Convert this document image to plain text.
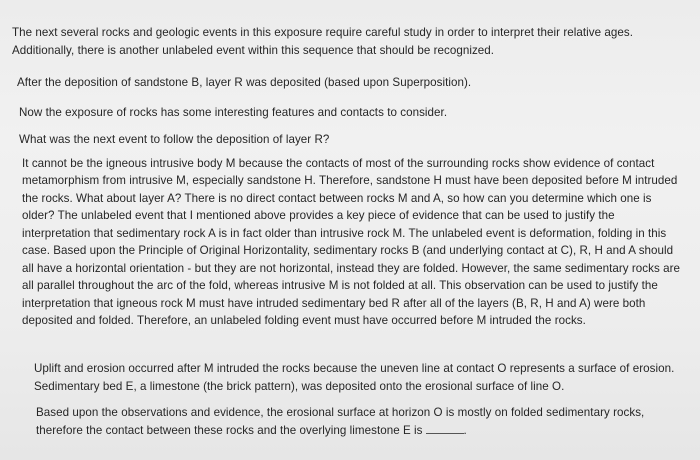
The next several rocks and geologic events in this exposure require careful study in order to interpret their relative ages. Additionally, there is another unlabeled event within this sequence that should be recognized.

After the deposition of sandstone B, layer R was deposited (based upon Superposition).

Now the exposure of rocks has some interesting features and contacts to consider.

What was the next event to follow the deposition of layer R?

It cannot be the igneous intrusive body M because the contacts of most of the surrounding rocks show evidence of contact metamorphism from intrusive M, especially sandstone H. Therefore, sandstone H must have been deposited before M intruded the rocks. What about layer A? There is no direct contact between rocks M and A, so how can you determine which one is older? The unlabeled event that I mentioned above provides a key piece of evidence that can be used to justify the interpretation that sedimentary rock A is in fact older than intrusive rock M. The unlabeled event is deformation, folding in this case. Based upon the Principle of Original Horizontality, sedimentary rocks B (and underlying contact at C), R, H and A should all have a horizontal orientation - but they are not horizontal, instead they are folded. However, the same sedimentary rocks are all parallel throughout the arc of the fold, whereas intrusive M is not folded at all. This observation can be used to justify the interpretation that igneous rock M must have intruded sedimentary bed R after all of the layers (B, R, H and A) were both deposited and folded. Therefore, an unlabeled folding event must have occurred before M intruded the rocks.

Uplift and erosion occurred after M intruded the rocks because the uneven line at contact O represents a surface of erosion. Sedimentary bed E, a limestone (the brick pattern), was deposited onto the erosional surface of line O.

Based upon the observations and evidence, the erosional surface at horizon O is mostly on folded sedimentary rocks, therefore the contact between these rocks and the overlying limestone E is	.
